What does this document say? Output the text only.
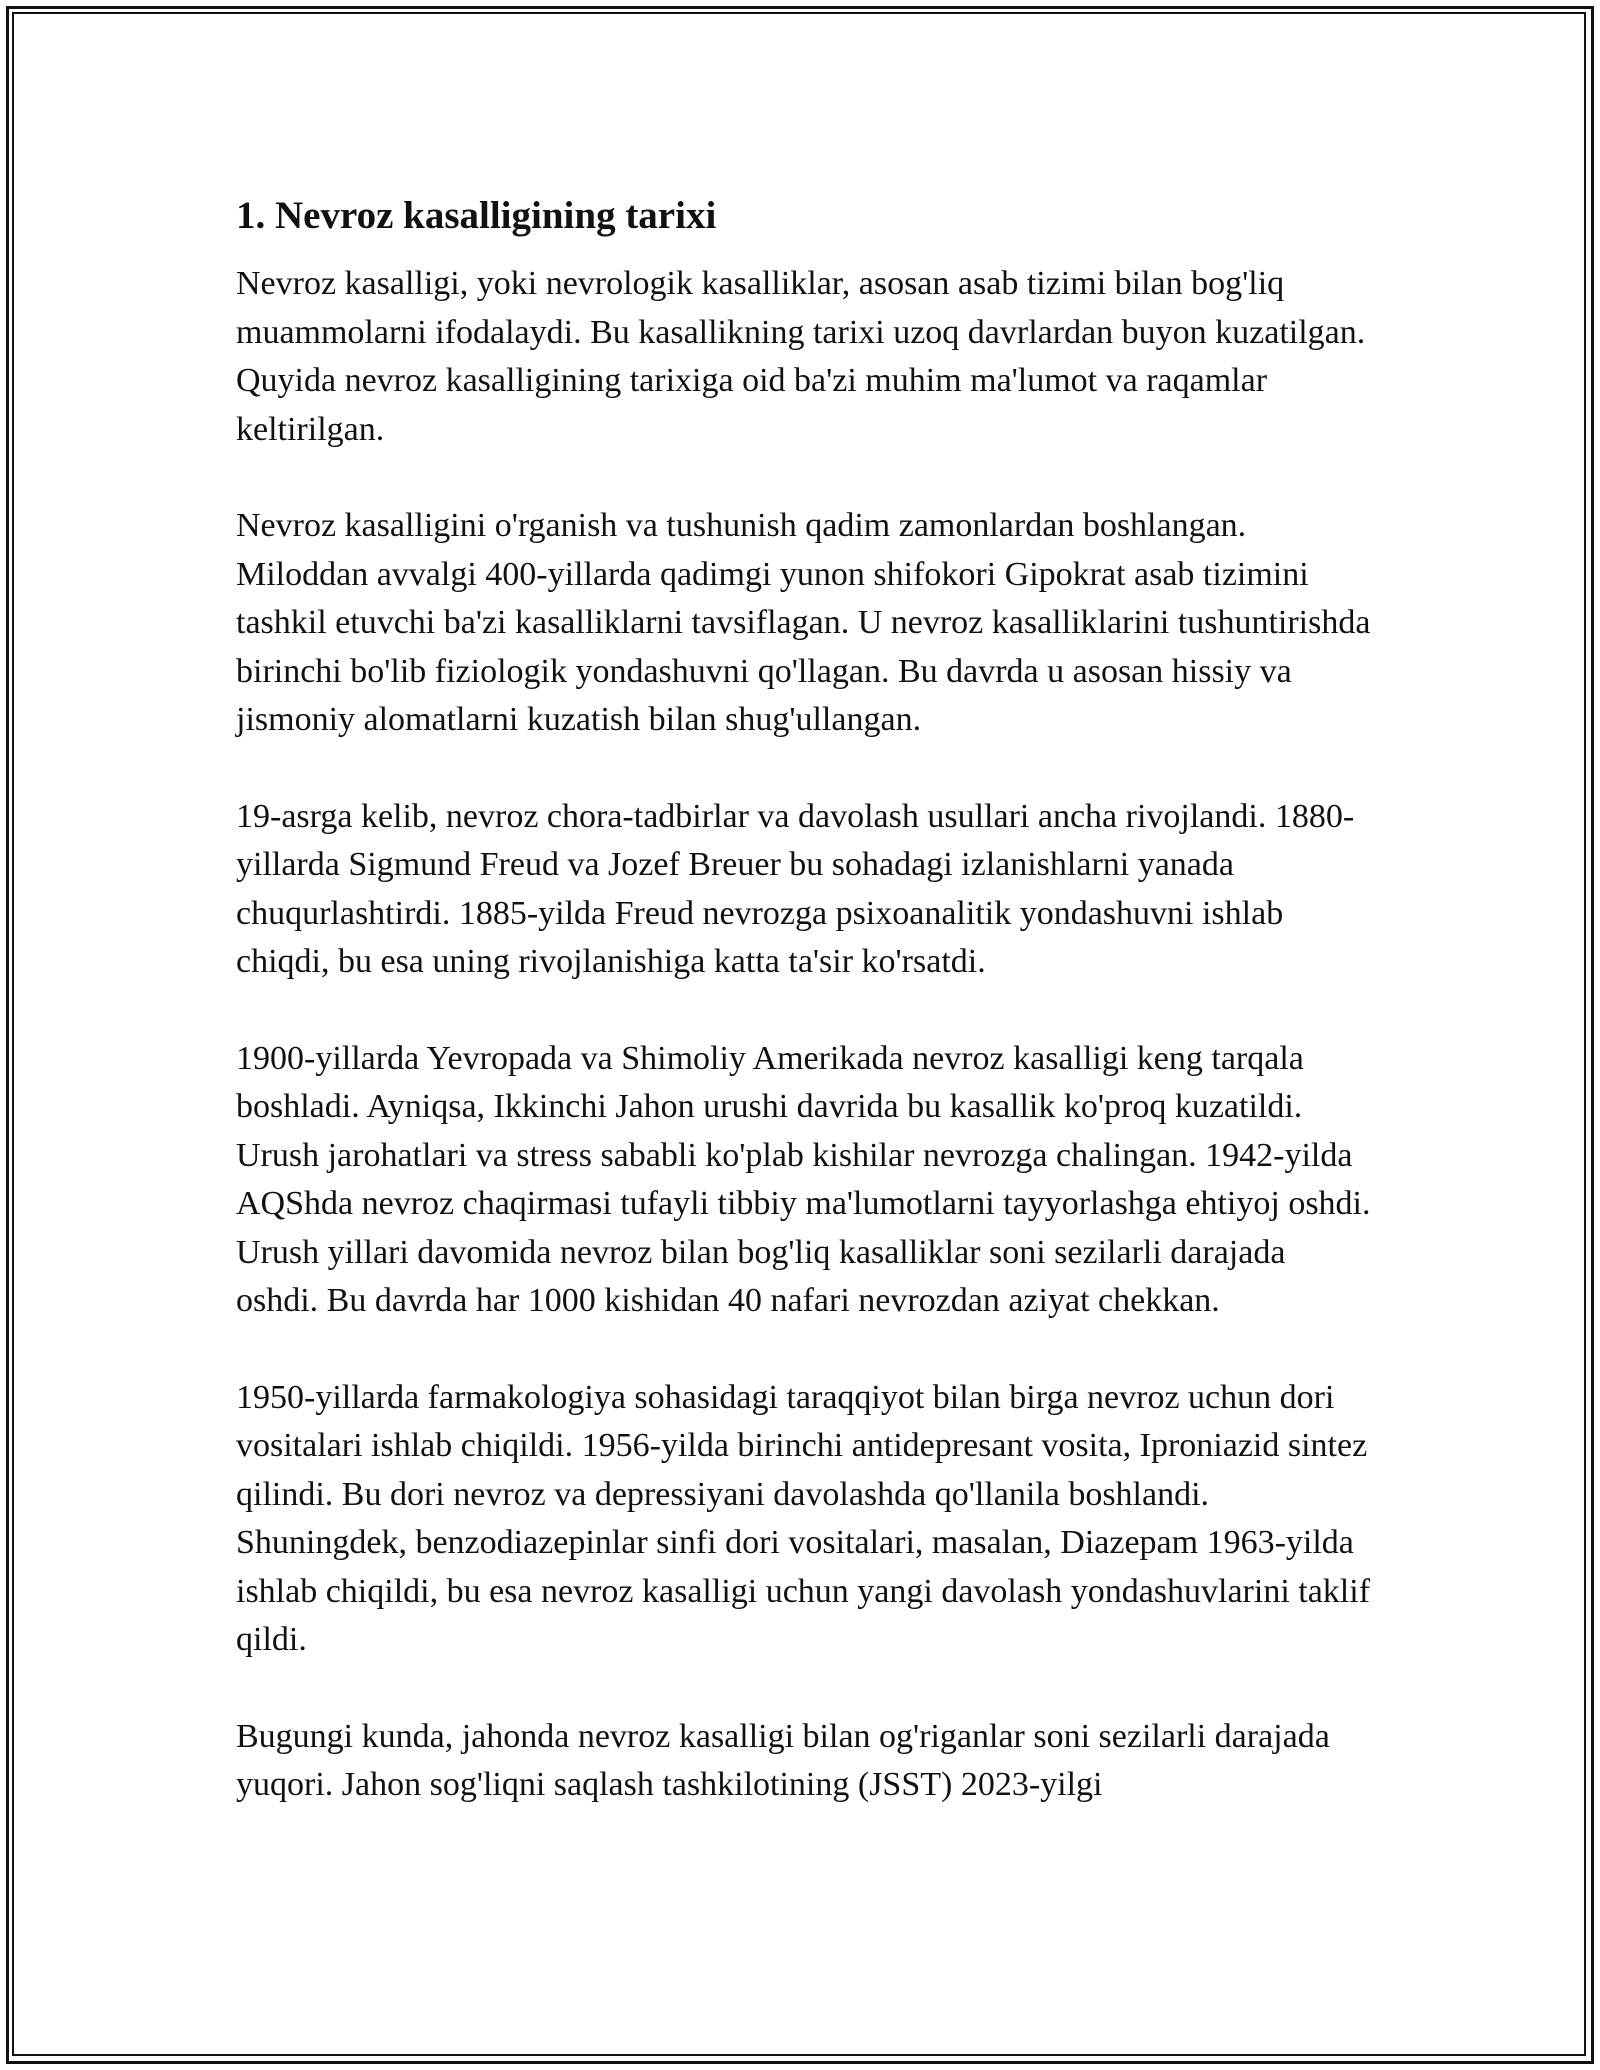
1. Nevroz kasalligining tarixi

Nevroz kasalligi, yoki nevrologik kasalliklar, asosan asab tizimi bilan bog'liq muammolarni ifodalaydi. Bu kasallikning tarixi uzoq davrlardan buyon kuzatilgan. Quyida nevroz kasalligining tarixiga oid ba'zi muhim ma'lumot va raqamlar keltirilgan.

Nevroz kasalligini o'rganish va tushunish qadim zamonlardan boshlangan. Miloddan avvalgi 400-yillarda qadimgi yunon shifokori Gipokrat asab tizimini tashkil etuvchi ba'zi kasalliklarni tavsiflagan. U nevroz kasalliklarini tushuntirishda birinchi bo'lib fiziologik yondashuvni qo'llagan. Bu davrda u asosan hissiy va jismoniy alomatlarni kuzatish bilan shug'ullangan.

19-asrga kelib, nevroz chora-tadbirlar va davolash usullari ancha rivojlandi. 1880-yillarda Sigmund Freud va Jozef Breuer bu sohadagi izlanishlarni yanada chuqurlashtirdi. 1885-yilda Freud nevrozga psixoanalitik yondashuvni ishlab chiqdi, bu esa uning rivojlanishiga katta ta'sir ko'rsatdi.

1900-yillarda Yevropada va Shimoliy Amerikada nevroz kasalligi keng tarqala boshladi. Ayniqsa, Ikkinchi Jahon urushi davrida bu kasallik ko'proq kuzatildi. Urush jarohatlari va stress sababli ko'plab kishilar nevrozga chalingan. 1942-yilda AQShda nevroz chaqirmasi tufayli tibbiy ma'lumotlarni tayyorlashga ehtiyoj oshdi. Urush yillari davomida nevroz bilan bog'liq kasalliklar soni sezilarli darajada oshdi. Bu davrda har 1000 kishidan 40 nafari nevrozdan aziyat chekkan.

1950-yillarda farmakologiya sohasidagi taraqqiyot bilan birga nevroz uchun dori vositalari ishlab chiqildi. 1956-yilda birinchi antidepresant vosita, Iproniazid sintez qilindi. Bu dori nevroz va depressiyani davolashda qo'llanila boshlandi. Shuningdek, benzodiazepinlar sinfi dori vositalari, masalan, Diazepam 1963-yilda ishlab chiqildi, bu esa nevroz kasalligi uchun yangi davolash yondashuvlarini taklif qildi.

Bugungi kunda, jahonda nevroz kasalligi bilan og'riganlar soni sezilarli darajada yuqori. Jahon sog'liqni saqlash tashkilotining (JSST) 2023-yilgi
